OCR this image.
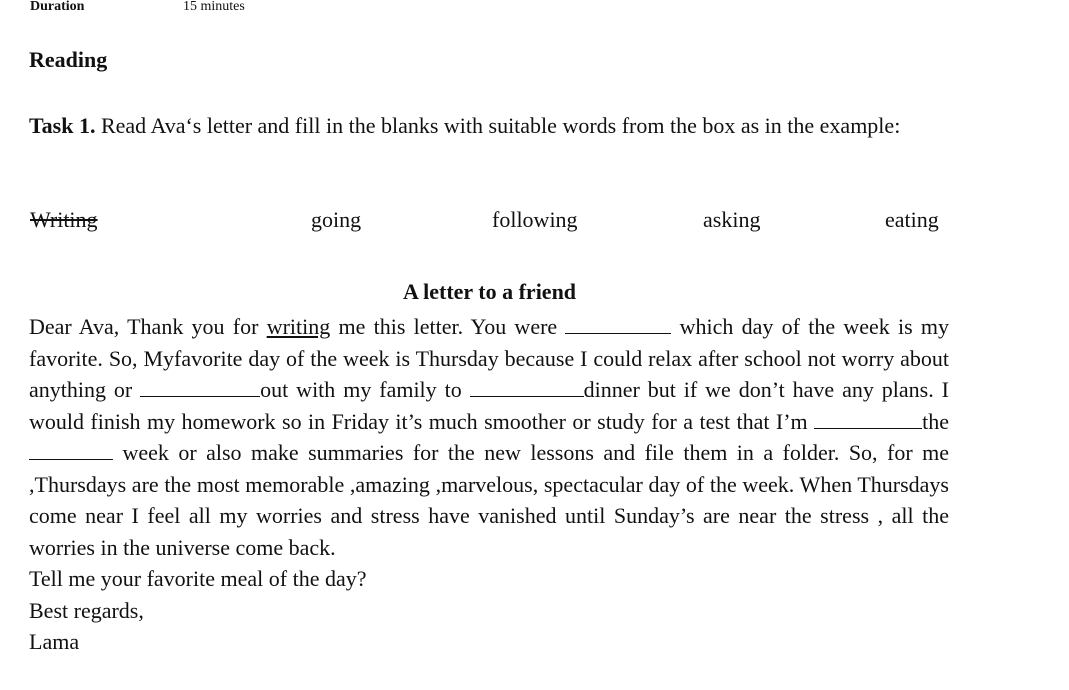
Duration	15 minutes
Reading
Task 1. Read Ava‘s letter and fill in the blanks with suitable words from the box as in the example:
Writing	going	following	asking	eating
A letter to a friend

Dear Ava, Thank you for writing me this letter. You were	which day of the week is my favorite. So, Myfavorite day of the week is Thursday because I could relax after school not worry about anything or	out with my family to	dinner but if we don’t have any plans. I would finish my homework so in Friday it’s much smoother or study for a test that I’m	the  week or also make summaries for the new lessons and file them in a folder. So, for me ,Thursdays are the most memorable ,amazing ,marvelous, spectacular day of the week. When Thursdays come near I feel all my worries and stress have vanished until Sunday’s are near the stress , all the worries in the universe come back.

Tell me your favorite meal of the day?

Best regards,

Lama
